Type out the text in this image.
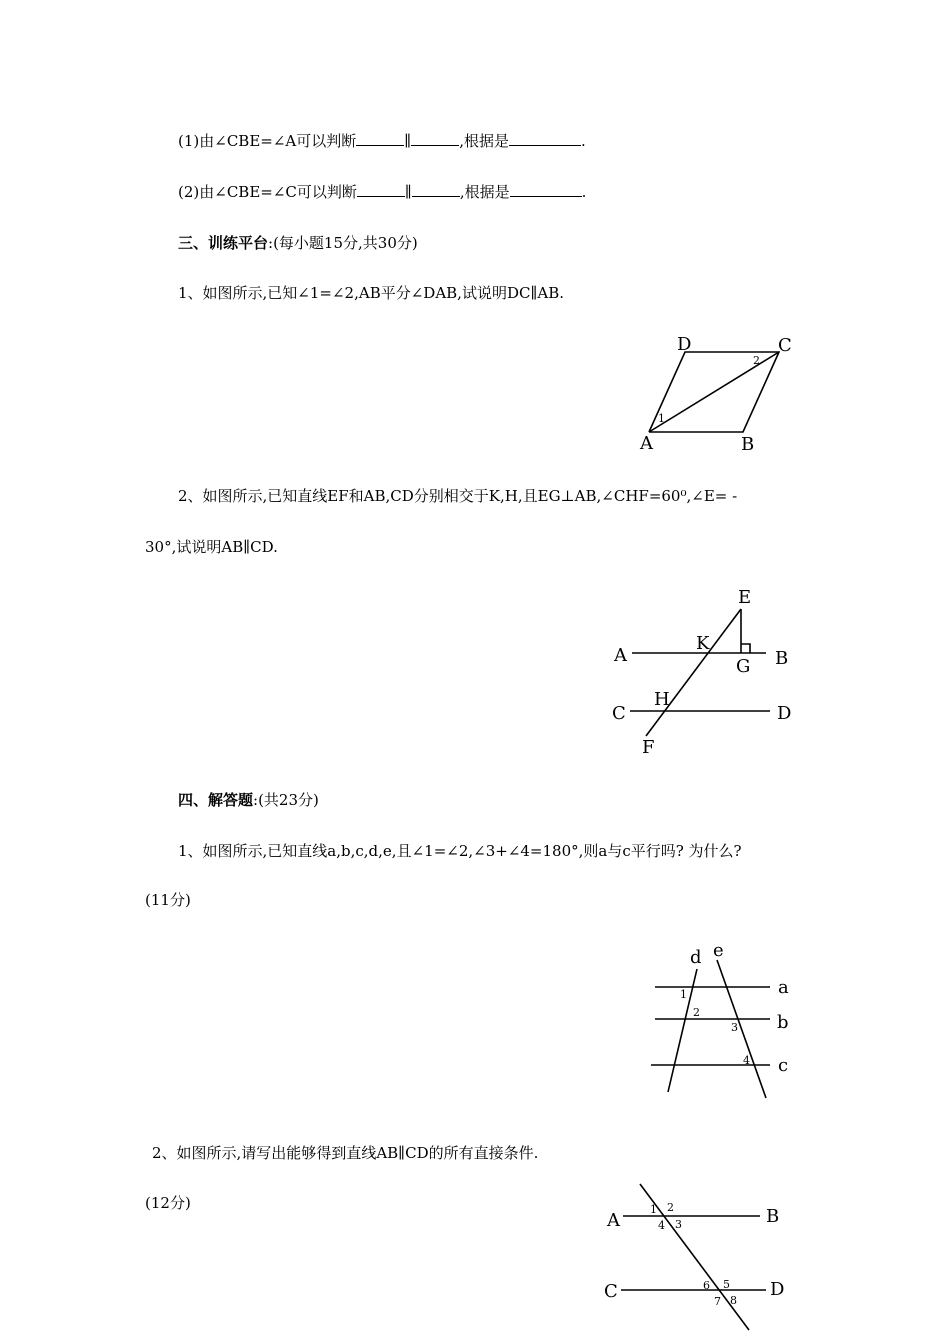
(1)由∠CBE=∠A可以判断	∥	,根据是	.
(2)由∠CBE=∠C可以判断	∥	,根据是	.
三、训练平台:(每小题15分,共30分)
1、如图所示,已知∠1=∠2,AB平分∠DAB,试说明DC∥AB.
2、如图所示,已知直线EF和AB,CD分别相交于K,H,且EG⊥AB,∠CHF=60⁰,∠E= -
30°,试说明AB∥CD.
四、解答题:(共23分)
1、如图所示,已知直线a,b,c,d,e,且∠1=∠2,∠3+∠4=180°,则a与c平行吗? 为什么?
(11分)
2、如图所示,请写出能够得到直线AB∥CD的所有直接条件.
(12分)
A	B
C
D
1
2
E
A
K
G B
C
H
D
F
d e
a
b
c
1
2
3
4
A	B
C	D
1 2
3
4
5
6
7 8
